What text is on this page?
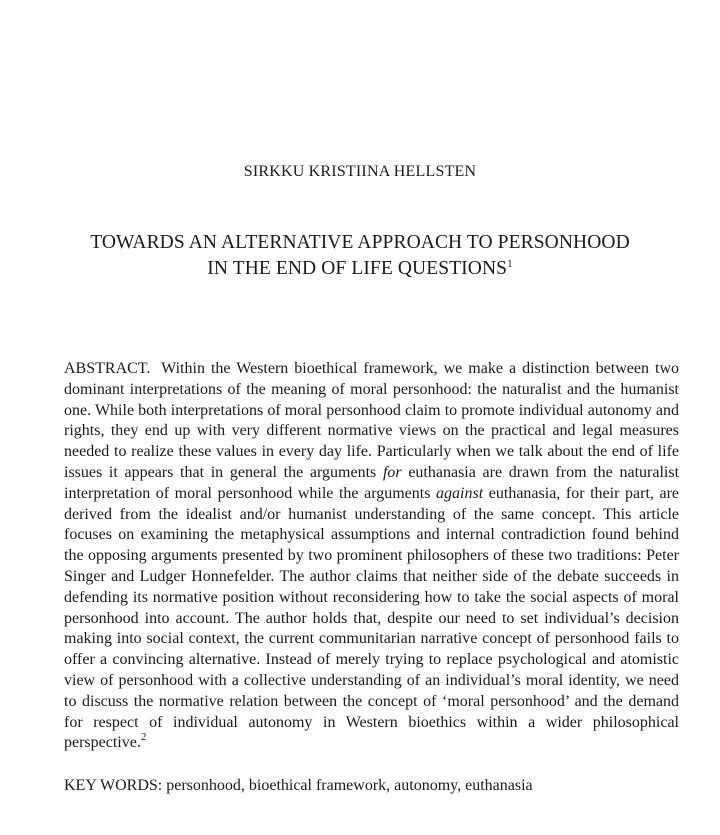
SIRKKU KRISTIINA HELLSTEN
TOWARDS AN ALTERNATIVE APPROACH TO PERSONHOOD
IN THE END OF LIFE QUESTIONS$^1$
ABSTRACT. Within the Western bioethical framework, we make a distinction between two dominant interpretations of the meaning of moral personhood: the naturalist and the humanist one. While both interpretations of moral personhood claim to promote individual autonomy and rights, they end up with very different normative views on the practical and legal measures needed to realize these values in every day life. Particularly when we talk about the end of life issues it appears that in general the arguments for euthanasia are drawn from the naturalist interpretation of moral personhood while the arguments against euthanasia, for their part, are derived from the idealist and/or humanist understanding of the same concept. This article focuses on examining the metaphysical assumptions and internal contradiction found behind the opposing arguments presented by two prominent philosophers of these two traditions: Peter Singer and Ludger Honnefelder. The author claims that neither side of the debate succeeds in defending its normative position without reconsidering how to take the social aspects of moral personhood into account. The author holds that, despite our need to set individual’s decision making into social context, the current communitarian narrative concept of personhood fails to offer a convincing alternative. Instead of merely trying to replace psychological and atomistic view of personhood with a collective understanding of an individual’s moral identity, we need to discuss the normative relation between the concept of ‘moral personhood’ and the demand for respect of individual autonomy in Western bioethics within a wider philosophical perspective.$^2$
KEY WORDS: personhood, bioethical framework, autonomy, euthanasia
